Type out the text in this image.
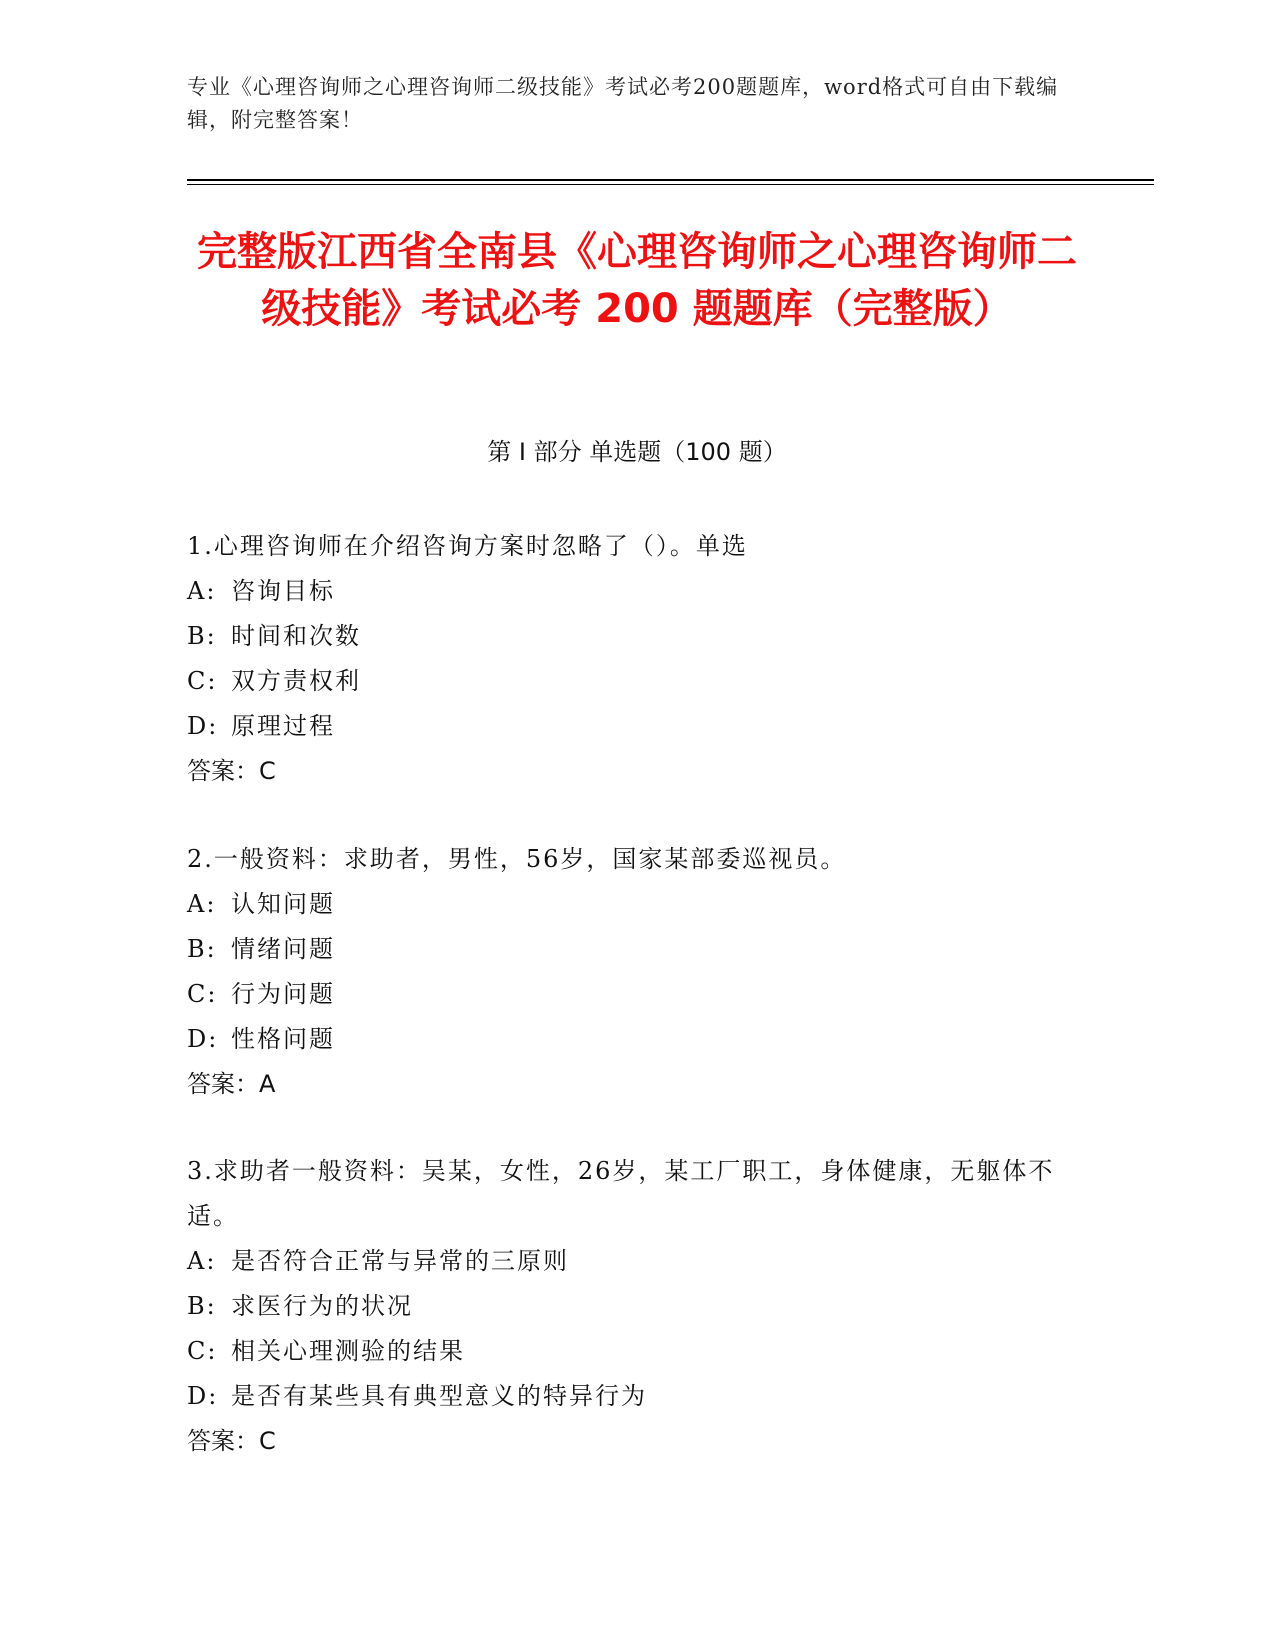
专业《心理咨询师之心理咨询师二级技能》考试必考200题题库，word格式可自由下载编辑，附完整答案！
完整版江西省全南县《心理咨询师之心理咨询师二级技能》考试必考 200 题题库（完整版）
第 I 部分 单选题（100 题）

1.心理咨询师在介绍咨询方案时忽略了（）。单选

A: 咨询目标

B: 时间和次数

C: 双方责权利

D: 原理过程

答案：C

2.一般资料：求助者，男性，56岁，国家某部委巡视员。

A: 认知问题

B: 情绪问题

C: 行为问题

D: 性格问题

答案：A

3.求助者一般资料：吴某，女性，26岁，某工厂职工，身体健康，无躯体不适。

A: 是否符合正常与异常的三原则

B: 求医行为的状况

C: 相关心理测验的结果

D: 是否有某些具有典型意义的特异行为

答案：C
